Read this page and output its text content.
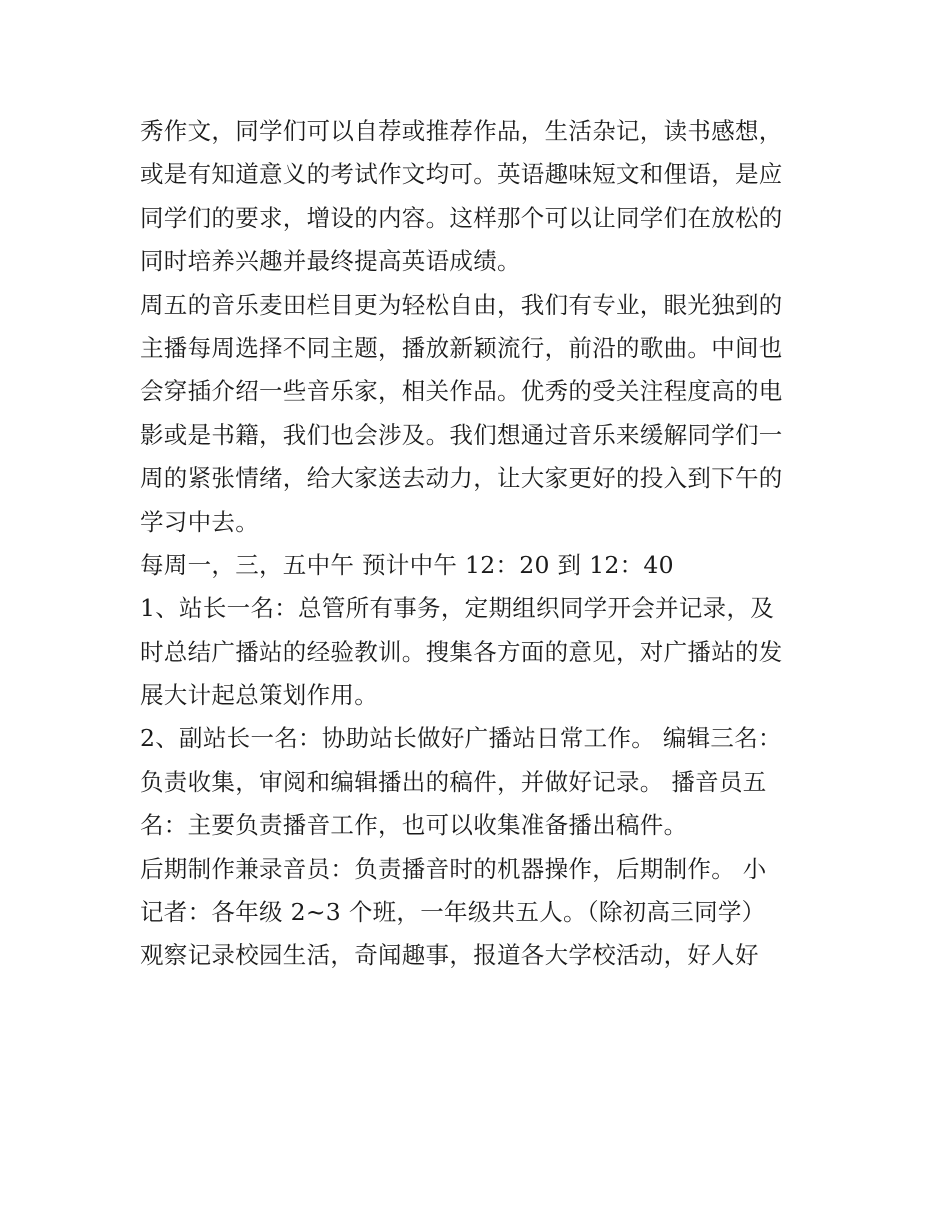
秀作文，同学们可以自荐或推荐作品，生活杂记，读书感想，
或是有知道意义的考试作文均可。英语趣味短文和俚语，是应
同学们的要求，增设的内容。这样那个可以让同学们在放松的
同时培养兴趣并最终提高英语成绩。
周五的音乐麦田栏目更为轻松自由，我们有专业，眼光独到的
主播每周选择不同主题，播放新颖流行，前沿的歌曲。中间也
会穿插介绍一些音乐家，相关作品。优秀的受关注程度高的电
影或是书籍，我们也会涉及。我们想通过音乐来缓解同学们一
周的紧张情绪，给大家送去动力，让大家更好的投入到下午的
学习中去。
每周一，三，五中午 预计中午 12：20 到 12：40
1、站长一名：总管所有事务，定期组织同学开会并记录，及
时总结广播站的经验教训。搜集各方面的意见，对广播站的发
展大计起总策划作用。
2、副站长一名：协助站长做好广播站日常工作。 编辑三名：
负责收集，审阅和编辑播出的稿件，并做好记录。 播音员五
名：主要负责播音工作，也可以收集准备播出稿件。
后期制作兼录音员：负责播音时的机器操作，后期制作。 小
记者：各年级 2~3 个班，一年级共五人。（除初高三同学）
观察记录校园生活，奇闻趣事，报道各大学校活动，好人好
